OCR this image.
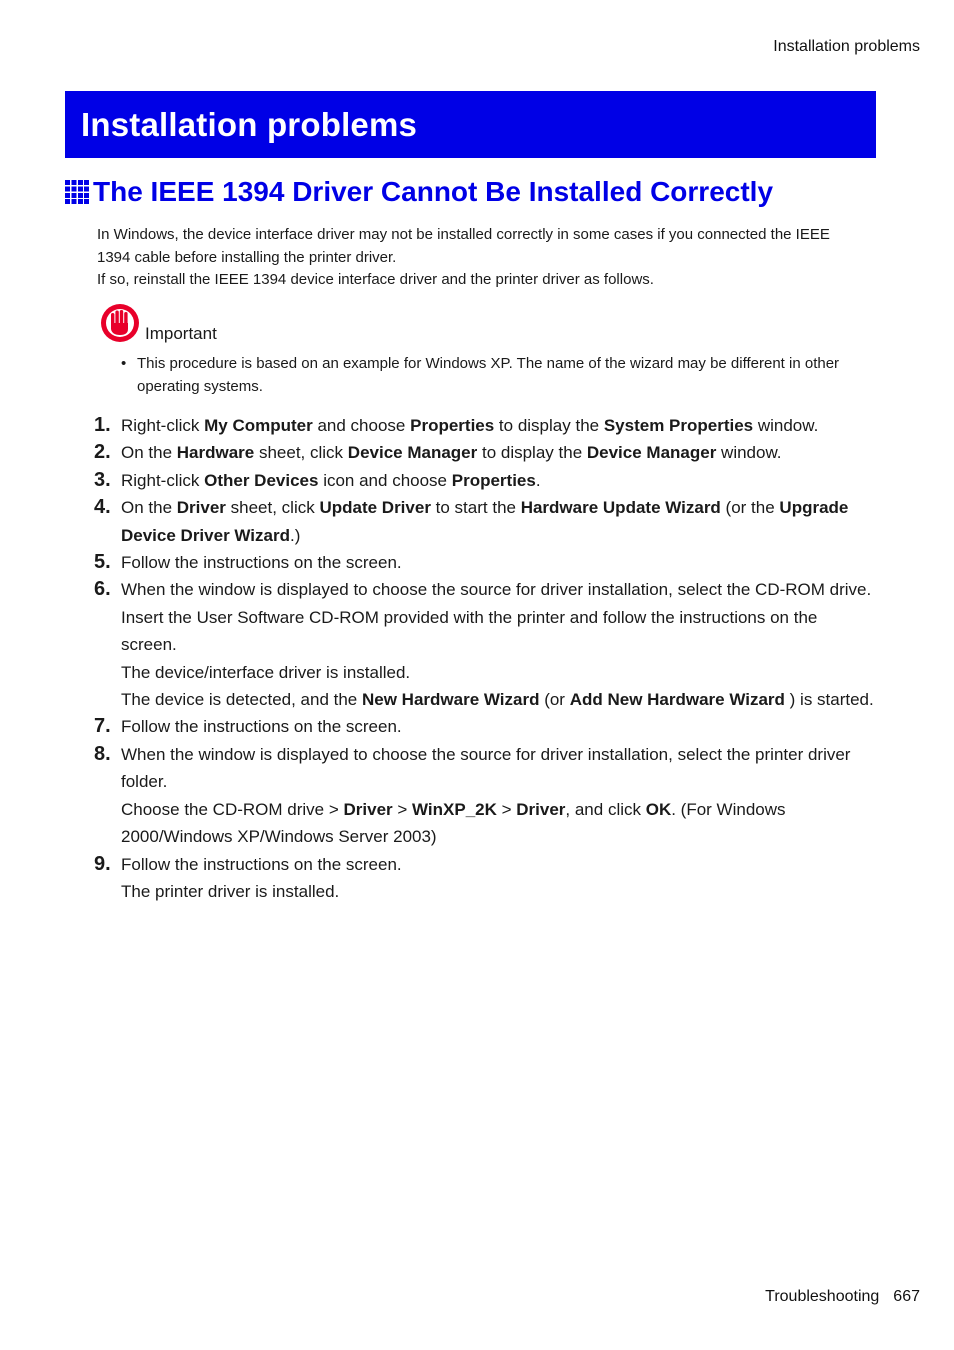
Installation problems
Installation problems
The IEEE 1394 Driver Cannot Be Installed Correctly

In Windows, the device interface driver may not be installed correctly in some cases if you connected the IEEE 1394 cable before installing the printer driver.

If so, reinstall the IEEE 1394 device interface driver and the printer driver as follows.

Important
• This procedure is based on an example for Windows XP. The name of the wizard may be different in other operating systems.
1. Right-click My Computer and choose Properties to display the System Properties window.
2. On the Hardware sheet, click Device Manager to display the Device Manager window.
3. Right-click Other Devices icon and choose Properties.
4. On the Driver sheet, click Update Driver to start the Hardware Update Wizard (or the Upgrade Device Driver Wizard.)
5. Follow the instructions on the screen.
6. When the window is displayed to choose the source for driver installation, select the CD-ROM drive. Insert the User Software CD-ROM provided with the printer and follow the instructions on the screen.

The device/interface driver is installed.

The device is detected, and the New Hardware Wizard (or Add New Hardware Wizard ) is started.

7. Follow the instructions on the screen.
8. When the window is displayed to choose the source for driver installation, select the printer driver folder.

Choose the CD-ROM drive > Driver > WinXP_2K > Driver, and click OK. (For Windows 2000/Windows XP/Windows Server 2003)

9. Follow the instructions on the screen.

The printer driver is installed.

Troubleshooting 667
